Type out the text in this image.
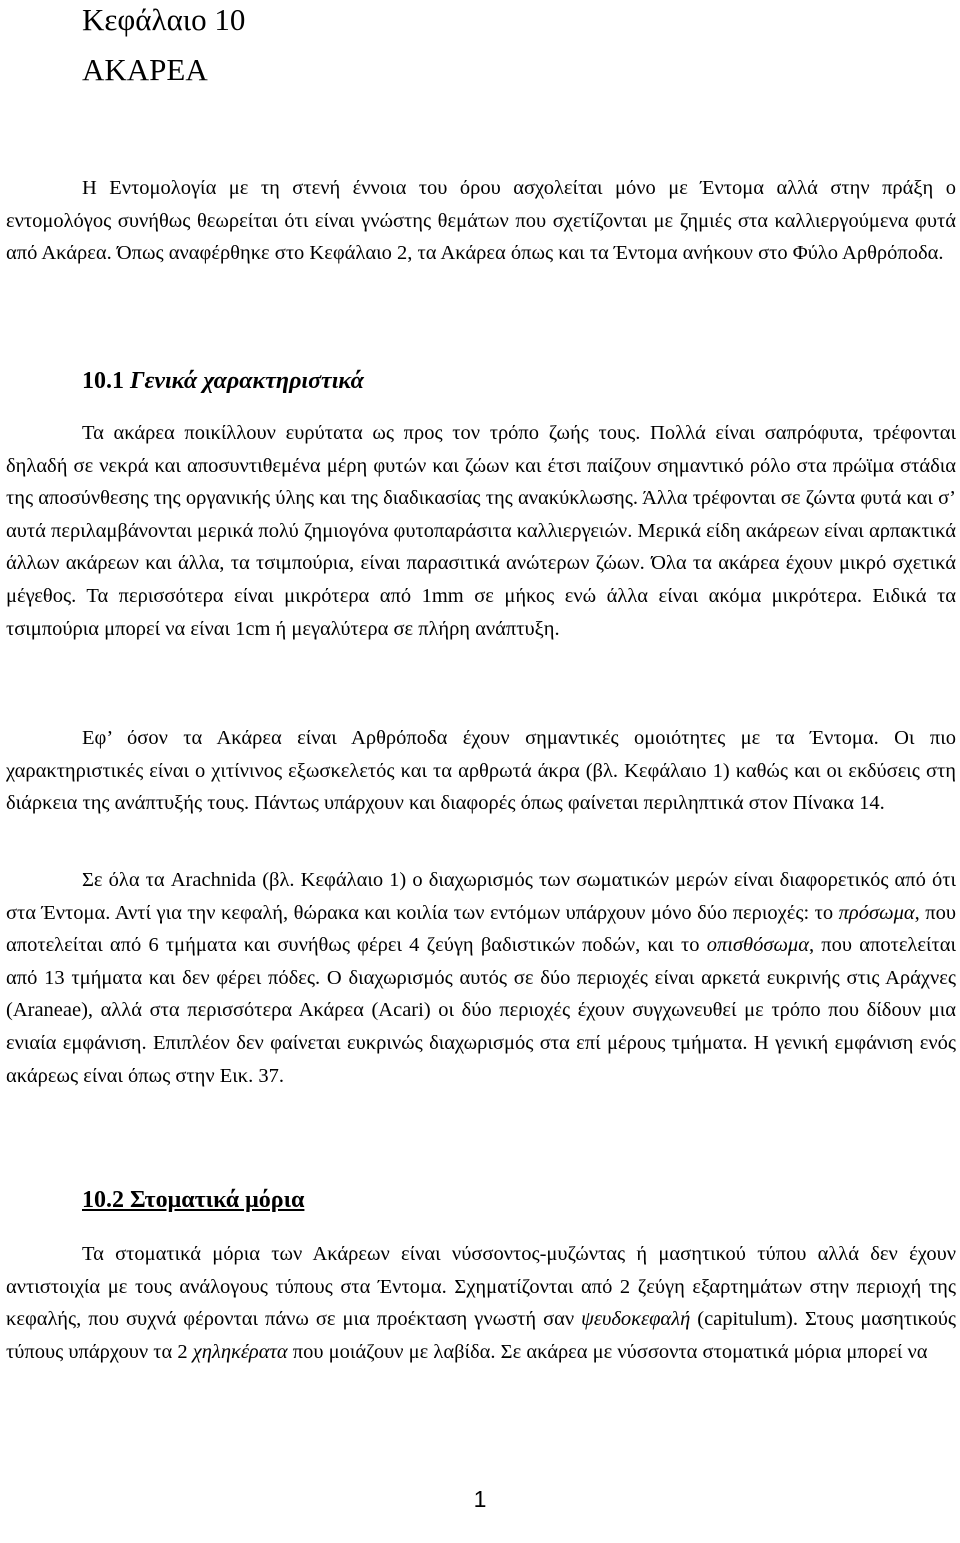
Κεφάλαιο 10
ΑΚΑΡΕΑ

Η Εντομολογία με τη στενή έννοια του όρου ασχολείται μόνο με Έντομα αλλά στην πράξη ο εντομολόγος συνήθως θεωρείται ότι είναι γνώστης θεμάτων που σχετίζονται με ζημιές στα καλλιεργούμενα φυτά από Ακάρεα. Όπως αναφέρθηκε στο Κεφάλαιο 2, τα Ακάρεα όπως και τα Έντομα ανήκουν στο Φύλο Αρθρόποδα.

10.1 Γενικά χαρακτηριστικά

Τα ακάρεα ποικίλλουν ευρύτατα ως προς τον τρόπο ζωής τους. Πολλά είναι σαπρόφυτα, τρέφονται δηλαδή σε νεκρά και αποσυντιθεμένα μέρη φυτών και ζώων και έτσι παίζουν σημαντικό ρόλο στα πρώϊμα στάδια της αποσύνθεσης της οργανικής ύλης και της διαδικασίας της ανακύκλωσης. Άλλα τρέφονται σε ζώντα φυτά και σ’ αυτά περιλαμβάνονται μερικά πολύ ζημιογόνα φυτοπαράσιτα καλλιεργειών. Μερικά είδη ακάρεων είναι αρπακτικά άλλων ακάρεων και άλλα, τα τσιμπούρια, είναι παρασιτικά ανώτερων ζώων. Όλα τα ακάρεα έχουν μικρό σχετικά μέγεθος. Τα περισσότερα είναι μικρότερα από 1mm σε μήκος ενώ άλλα είναι ακόμα μικρότερα. Ειδικά τα τσιμπούρια μπορεί να είναι 1cm ή μεγαλύτερα σε πλήρη ανάπτυξη.

Εφ’ όσον τα Ακάρεα είναι Αρθρόποδα έχουν σημαντικές ομοιότητες με τα Έντομα. Οι πιο χαρακτηριστικές είναι ο χιτίνινος εξωσκελετός και τα αρθρωτά άκρα (βλ. Κεφάλαιο 1) καθώς και οι εκδύσεις στη διάρκεια της ανάπτυξής τους. Πάντως υπάρχουν και διαφορές όπως φαίνεται περιληπτικά στον Πίνακα 14.

Σε όλα τα Arachnida (βλ. Κεφάλαιο 1) ο διαχωρισμός των σωματικών μερών είναι διαφορετικός από ότι στα Έντομα. Αντί για την κεφαλή, θώρακα και κοιλία των εντόμων υπάρχουν μόνο δύο περιοχές: το πρόσωμα, που αποτελείται από 6 τμήματα και συνήθως φέρει 4 ζεύγη βαδιστικών ποδών, και το οπισθόσωμα, που αποτελείται από 13 τμήματα και δεν φέρει πόδες. Ο διαχωρισμός αυτός σε δύο περιοχές είναι αρκετά ευκρινής στις Αράχνες (Araneae), αλλά στα περισσότερα Ακάρεα (Acari) οι δύο περιοχές έχουν συγχωνευθεί με τρόπο που δίδουν μια ενιαία εμφάνιση. Επιπλέον δεν φαίνεται ευκρινώς διαχωρισμός στα επί μέρους τμήματα. Η γενική εμφάνιση ενός ακάρεως είναι όπως στην Εικ. 37.

10.2 Στοματικά μόρια

Τα στοματικά μόρια των Ακάρεων είναι νύσσοντος-μυζώντας ή μασητικού τύπου αλλά δεν έχουν αντιστοιχία με τους ανάλογους τύπους στα Έντομα. Σχηματίζονται από 2 ζεύγη εξαρτημάτων στην περιοχή της κεφαλής, που συχνά φέρονται πάνω σε μια προέκταση γνωστή σαν ψευδοκεφαλή (capitulum). Στους μασητικούς τύπους υπάρχουν τα 2 χηληκέρατα που μοιάζουν με λαβίδα. Σε ακάρεα με νύσσοντα στοματικά μόρια μπορεί να

1
